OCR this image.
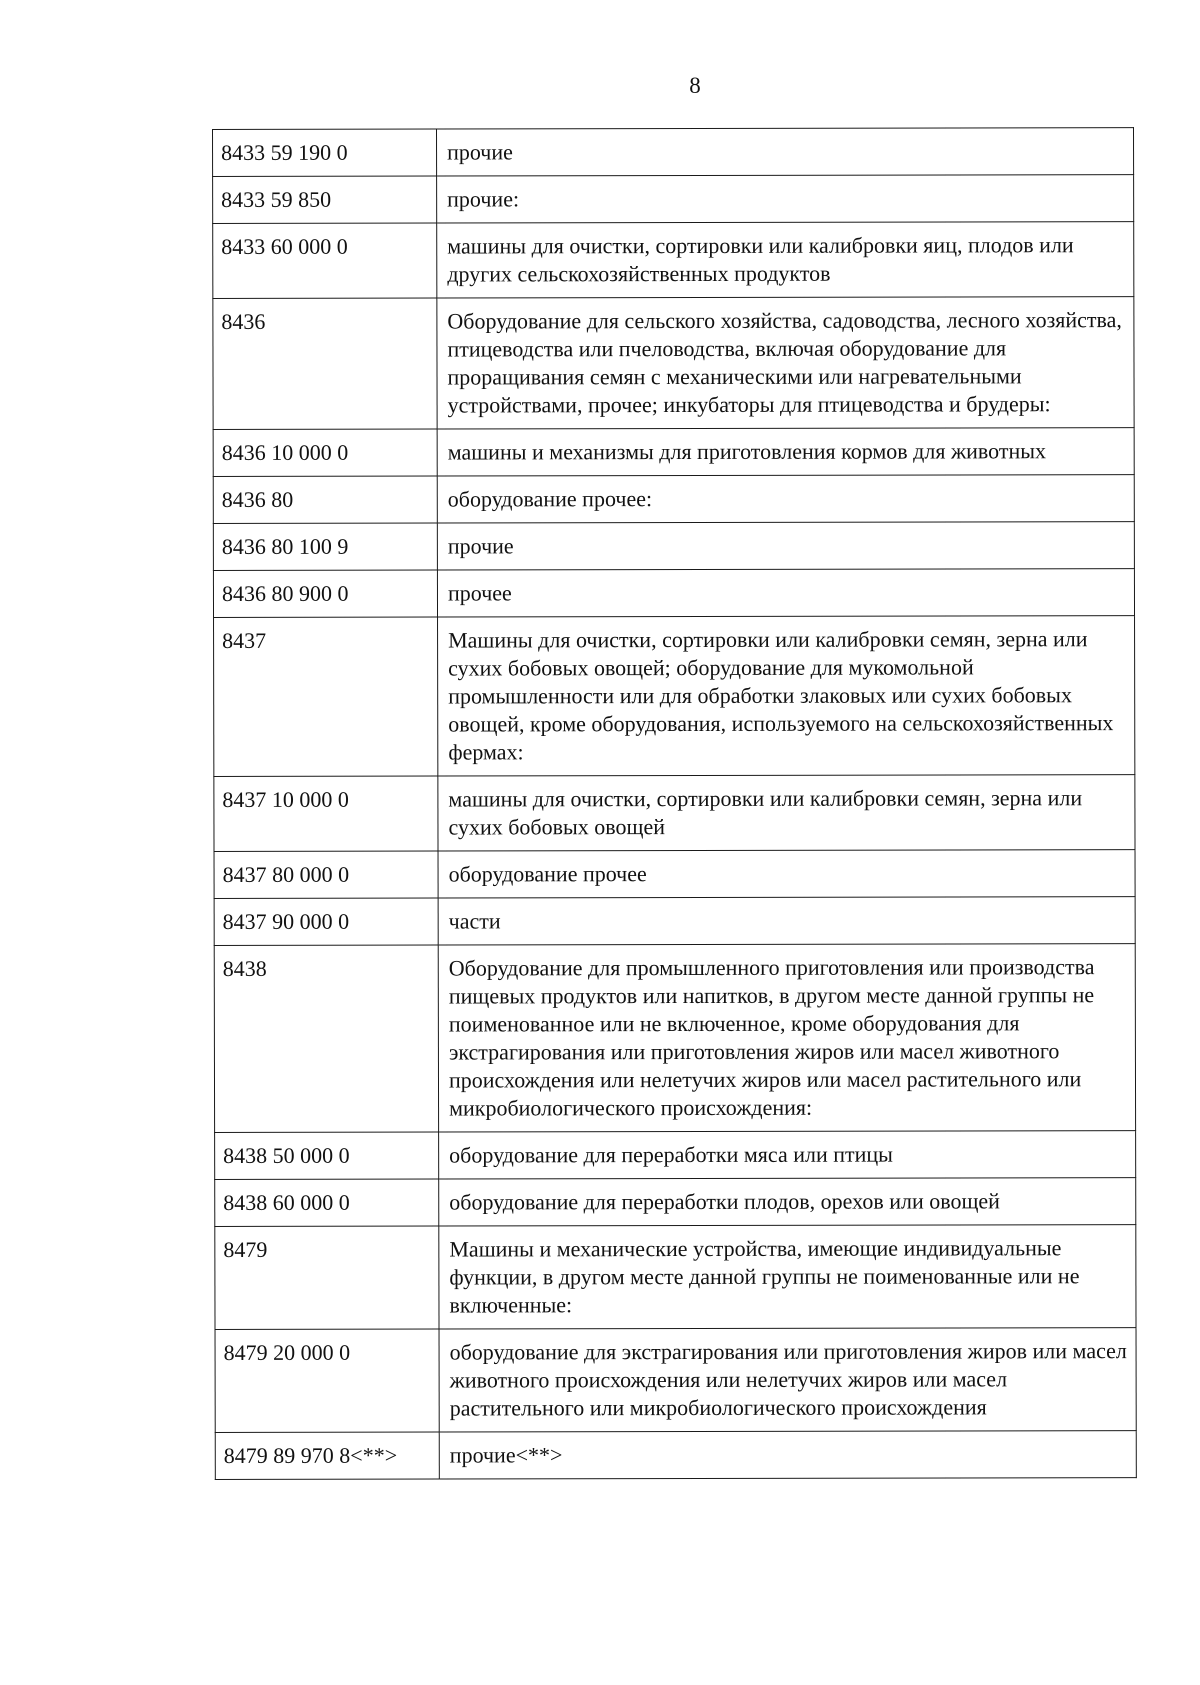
8
8433 59 190 0	прочие
8433 59 850	прочие:
8433 60 000 0	машины для очистки, сортировки или калибровки яиц, плодов или других сельскохозяйственных продуктов
8436	Оборудование для сельского хозяйства, садоводства, лесного хозяйства, птицеводства или пчеловодства, включая оборудование для проращивания семян с механическими или нагревательными устройствами, прочее; инкубаторы для птицеводства и брудеры:
8436 10 000 0	машины и механизмы для приготовления кормов для животных
8436 80	оборудование прочее:
8436 80 100 9	прочие
8436 80 900 0	прочее
8437	Машины для очистки, сортировки или калибровки семян, зерна или сухих бобовых овощей; оборудование для мукомольной промышленности или для обработки злаковых или сухих бобовых овощей, кроме оборудования, используемого на сельскохозяйственных фермах:
8437 10 000 0	машины для очистки, сортировки или калибровки семян, зерна или сухих бобовых овощей
8437 80 000 0	оборудование прочее
8437 90 000 0	части
8438	Оборудование для промышленного приготовления или производства пищевых продуктов или напитков, в другом месте данной группы не поименованное или не включенное, кроме оборудования для экстрагирования или приготовления жиров или масел животного происхождения или нелетучих жиров или масел растительного или микробиологического происхождения:
8438 50 000 0	оборудование для переработки мяса или птицы
8438 60 000 0	оборудование для переработки плодов, орехов или овощей
8479	Машины и механические устройства, имеющие индивидуальные функции, в другом месте данной группы не поименованные или не включенные:
8479 20 000 0	оборудование для экстрагирования или приготовления жиров или масел животного происхождения или нелетучих жиров или масел растительного или микробиологического происхождения
8479 89 970 8<**>	прочие<**>
